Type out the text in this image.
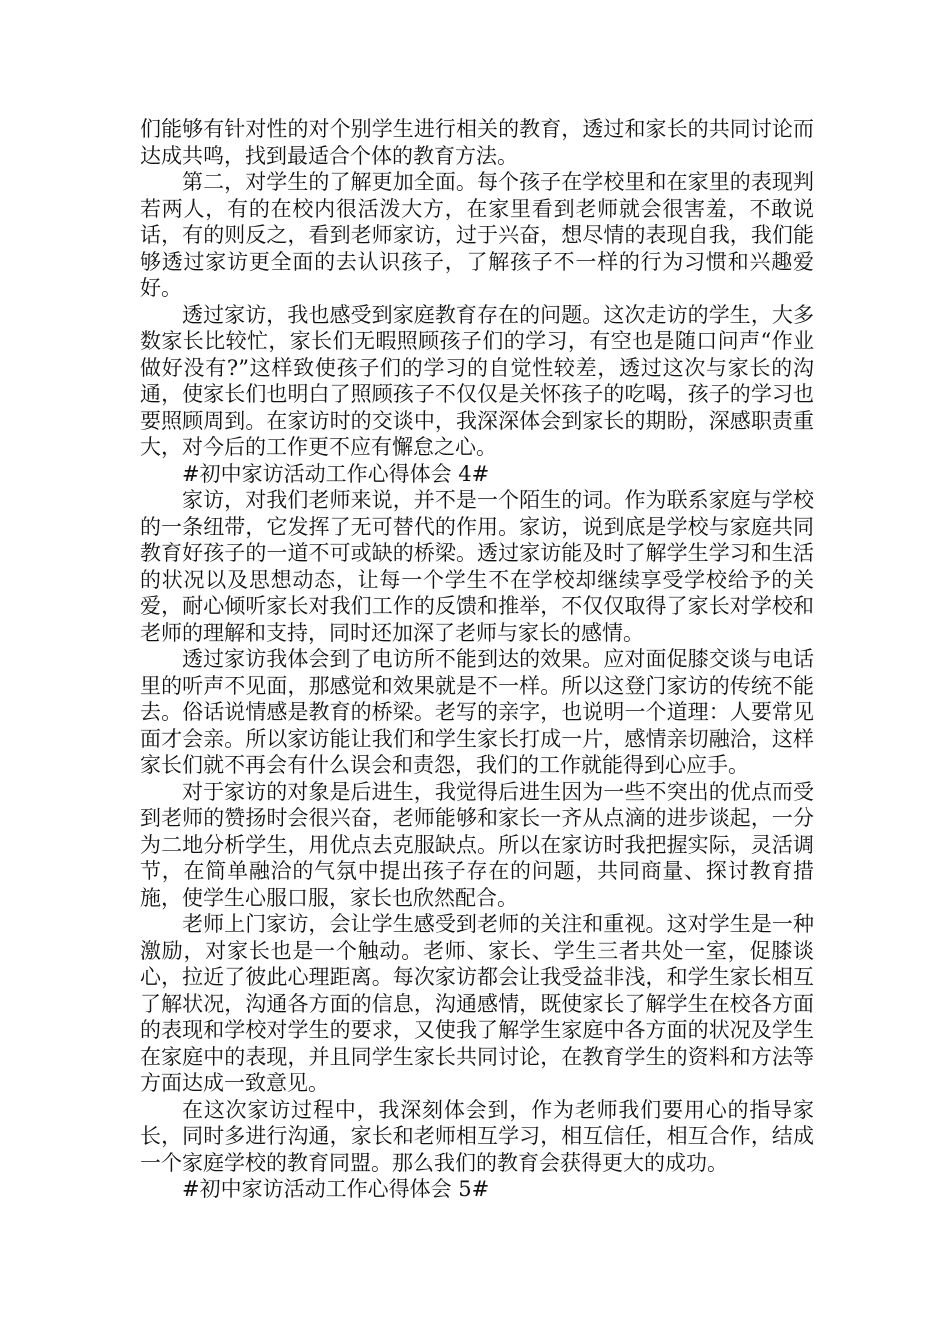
们能够有针对性的对个别学生进行相关的教育，透过和家长的共同讨论而达成共鸣，找到最适合个体的教育方法。

第二，对学生的了解更加全面。每个孩子在学校里和在家里的表现判若两人，有的在校内很活泼大方，在家里看到老师就会很害羞，不敢说话，有的则反之，看到老师家访，过于兴奋，想尽情的表现自我，我们能够透过家访更全面的去认识孩子，了解孩子不一样的行为习惯和兴趣爱好。

透过家访，我也感受到家庭教育存在的问题。这次走访的学生，大多数家长比较忙，家长们无暇照顾孩子们的学习，有空也是随口问声“作业做好没有?”这样致使孩子们的学习的自觉性较差，透过这次与家长的沟通，使家长们也明白了照顾孩子不仅仅是关怀孩子的吃喝，孩子的学习也要照顾周到。在家访时的交谈中，我深深体会到家长的期盼，深感职责重大，对今后的工作更不应有懈怠之心。

#初中家访活动工作心得体会 4#

家访，对我们老师来说，并不是一个陌生的词。作为联系家庭与学校的一条纽带，它发挥了无可替代的作用。家访，说到底是学校与家庭共同教育好孩子的一道不可或缺的桥梁。透过家访能及时了解学生学习和生活的状况以及思想动态，让每一个学生不在学校却继续享受学校给予的关爱，耐心倾听家长对我们工作的反馈和推举，不仅仅取得了家长对学校和老师的理解和支持，同时还加深了老师与家长的感情。

透过家访我体会到了电访所不能到达的效果。应对面促膝交谈与电话里的听声不见面，那感觉和效果就是不一样。所以这登门家访的传统不能去。俗话说情感是教育的桥梁。老写的亲字，也说明一个道理：人要常见面才会亲。所以家访能让我们和学生家长打成一片，感情亲切融洽，这样家长们就不再会有什么误会和责怨，我们的工作就能得到心应手。

对于家访的对象是后进生，我觉得后进生因为一些不突出的优点而受到老师的赞扬时会很兴奋，老师能够和家长一齐从点滴的进步谈起，一分为二地分析学生，用优点去克服缺点。所以在家访时我把握实际，灵活调节，在简单融洽的气氛中提出孩子存在的问题，共同商量、探讨教育措施，使学生心服口服，家长也欣然配合。

老师上门家访，会让学生感受到老师的关注和重视。这对学生是一种激励，对家长也是一个触动。老师、家长、学生三者共处一室，促膝谈心，拉近了彼此心理距离。每次家访都会让我受益非浅，和学生家长相互了解状况，沟通各方面的信息，沟通感情，既使家长了解学生在校各方面的表现和学校对学生的要求，又使我了解学生家庭中各方面的状况及学生在家庭中的表现，并且同学生家长共同讨论，在教育学生的资料和方法等方面达成一致意见。

在这次家访过程中，我深刻体会到，作为老师我们要用心的指导家长，同时多进行沟通，家长和老师相互学习，相互信任，相互合作，结成一个家庭学校的教育同盟。那么我们的教育会获得更大的成功。

#初中家访活动工作心得体会 5#
